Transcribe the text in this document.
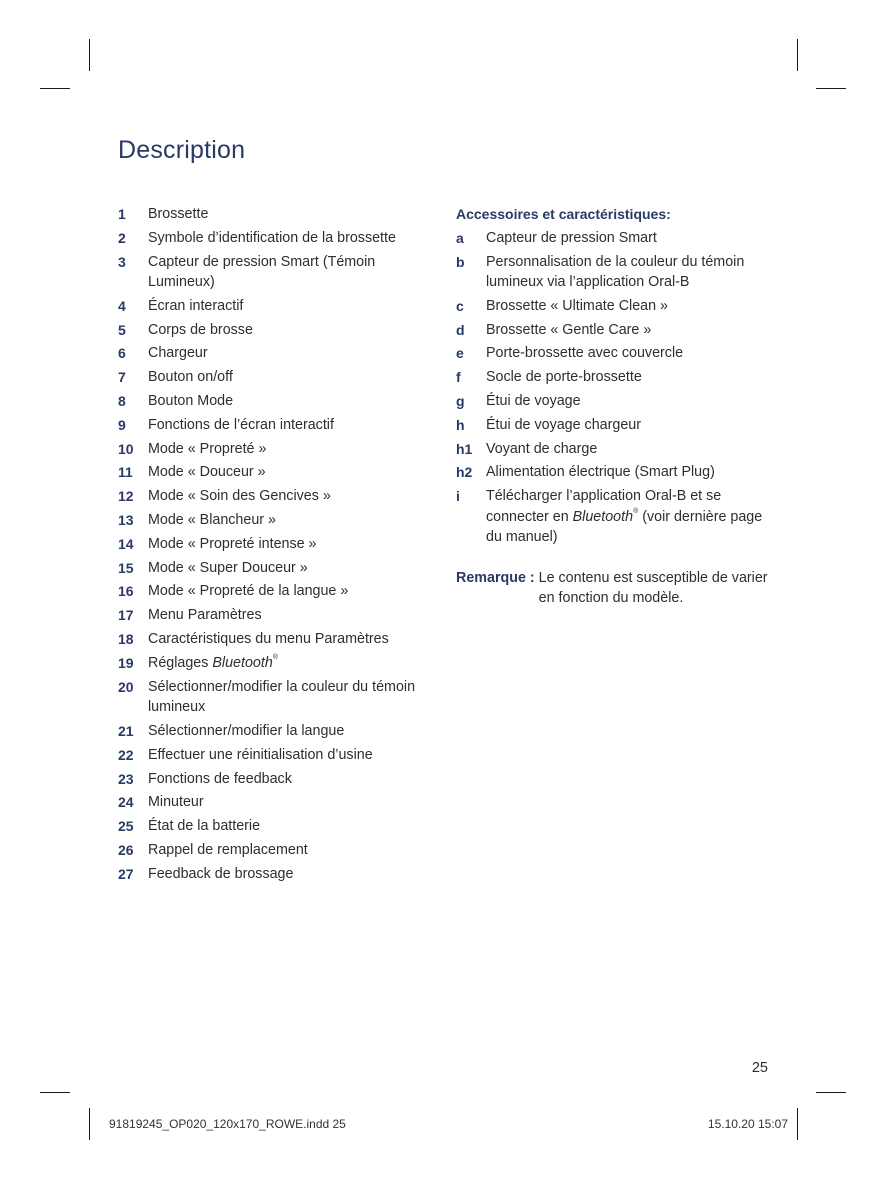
Description
1	Brossette
2	Symbole d’identification de la brossette
3	Capteur de pression Smart (Témoin Lumineux)
4	Écran interactif
5	Corps de brosse
6	Chargeur
7	Bouton on/off
8	Bouton Mode
9	Fonctions de l’écran interactif
10	Mode « Propreté »
11	Mode « Douceur »
12	Mode « Soin des Gencives »
13	Mode « Blancheur »
14	Mode « Propreté intense »
15	Mode « Super Douceur »
16	Mode « Propreté de la langue »
17	Menu Paramètres
18	Caractéristiques du menu Paramètres
19	Réglages Bluetooth®
20	Sélectionner/modifier la couleur du témoin lumineux
21	Sélectionner/modifier la langue
22	Effectuer une réinitialisation d’usine
23	Fonctions de feedback
24	Minuteur
25	État de la batterie
26	Rappel de remplacement
27	Feedback de brossage
Accessoires et caractéristiques:
a	Capteur de pression Smart
b	Personnalisation de la couleur du témoin lumineux via l’application Oral-B
c	Brossette « Ultimate Clean »
d	Brossette « Gentle Care »
e	Porte-brossette avec couvercle
f	Socle de porte-brossette
g	Étui de voyage
h	Étui de voyage chargeur
h1 Voyant de charge
h2 Alimentation électrique (Smart Plug)
i	Télécharger l’application Oral-B et se connecter en Bluetooth® (voir dernière page du manuel)
Remarque : Le contenu est susceptible de varier en fonction du modèle.
25
91819245_OP020_120x170_ROWE.indd 25	15.10.20 15:07
